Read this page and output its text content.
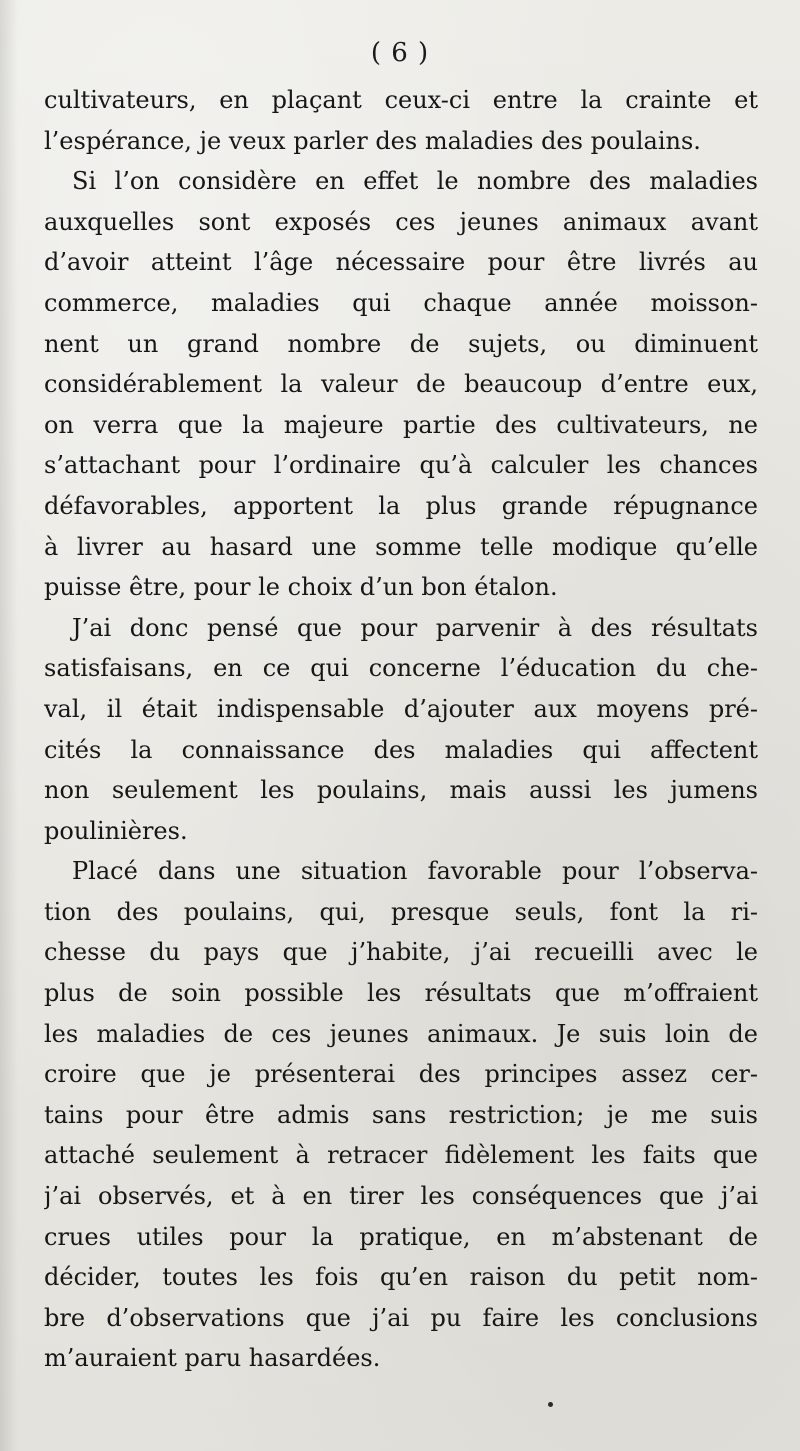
( 6 )
cultivateurs, en plaçant ceux-ci entre la crainte et
l’espérance, je veux parler des maladies des poulains.
Si l’on considère en effet le nombre des maladies
auxquelles sont exposés ces jeunes animaux avant
d’avoir atteint l’âge nécessaire pour être livrés au
commerce, maladies qui chaque année moisson-
nent un grand nombre de sujets, ou diminuent
considérablement la valeur de beaucoup d’entre eux,
on verra que la majeure partie des cultivateurs, ne
s’attachant pour l’ordinaire qu’à calculer les chances
défavorables, apportent la plus grande répugnance
à livrer au hasard une somme telle modique qu’elle
puisse être, pour le choix d’un bon étalon.
J’ai donc pensé que pour parvenir à des résultats
satisfaisans, en ce qui concerne l’éducation du che-
val, il était indispensable d’ajouter aux moyens pré-
cités la connaissance des maladies qui affectent
non seulement les poulains, mais aussi les jumens
poulinières.
Placé dans une situation favorable pour l’observa-
tion des poulains, qui, presque seuls, font la ri-
chesse du pays que j’habite, j’ai recueilli avec le
plus de soin possible les résultats que m’offraient
les maladies de ces jeunes animaux. Je suis loin de
croire que je présenterai des principes assez cer-
tains pour être admis sans restriction; je me suis
attaché seulement à retracer fidèlement les faits que
j’ai observés, et à en tirer les conséquences que j’ai
crues utiles pour la pratique, en m’abstenant de
décider, toutes les fois qu’en raison du petit nom-
bre d’observations que j’ai pu faire les conclusions
m’auraient paru hasardées.
